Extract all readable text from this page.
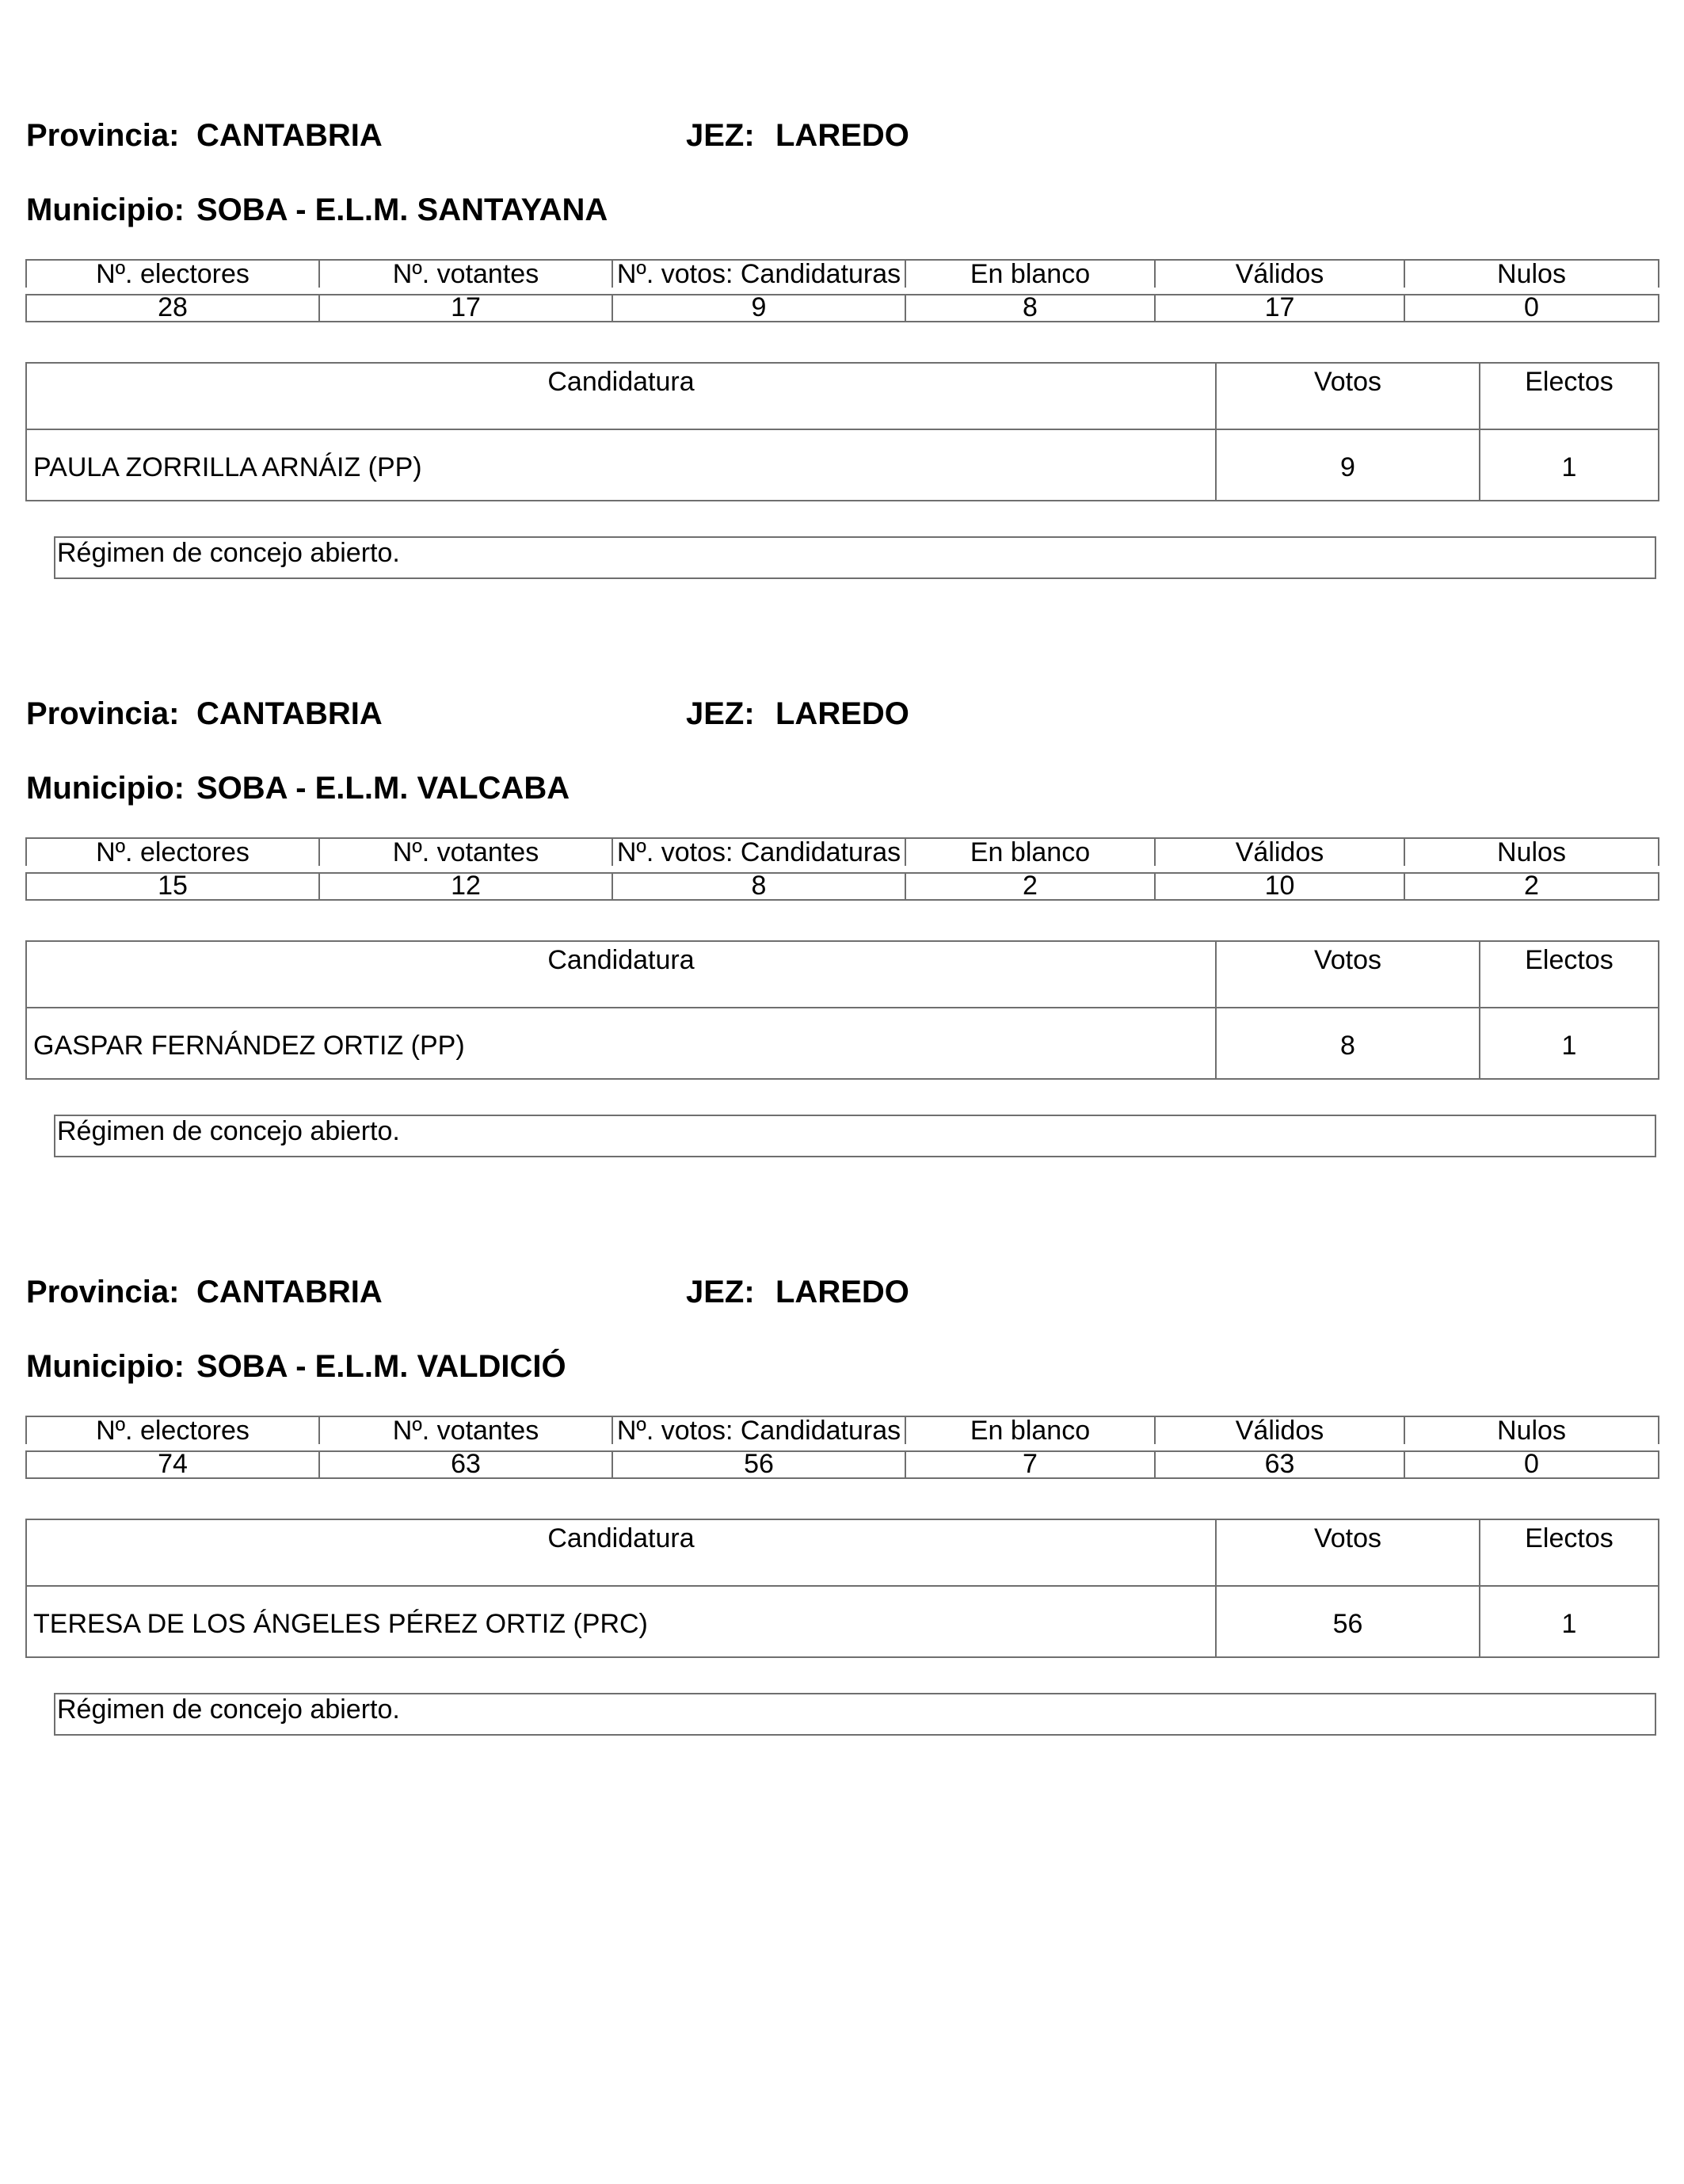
Provincia: CANTABRIA	JEZ: LAREDO
Municipio: SOBA - E.L.M. SANTAYANA
Nº. electores	Nº. votantes	Nº. votos: Candidaturas	En blanco	Válidos	Nulos
28	17	9	8	17	0
Candidatura	Votos	Electos
PAULA ZORRILLA ARNÁIZ (PP)	9	1
Régimen de concejo abierto.
Provincia: CANTABRIA	JEZ: LAREDO
Municipio: SOBA - E.L.M. VALCABA
Nº. electores	Nº. votantes	Nº. votos: Candidaturas	En blanco	Válidos	Nulos
15	12	8	2	10	2
Candidatura	Votos	Electos
GASPAR FERNÁNDEZ ORTIZ (PP)	8	1
Régimen de concejo abierto.
Provincia: CANTABRIA	JEZ: LAREDO
Municipio: SOBA - E.L.M. VALDICIÓ
Nº. electores	Nº. votantes	Nº. votos: Candidaturas	En blanco	Válidos	Nulos
74	63	56	7	63	0
Candidatura	Votos	Electos
TERESA DE LOS ÁNGELES PÉREZ ORTIZ (PRC)	56	1
Régimen de concejo abierto.
